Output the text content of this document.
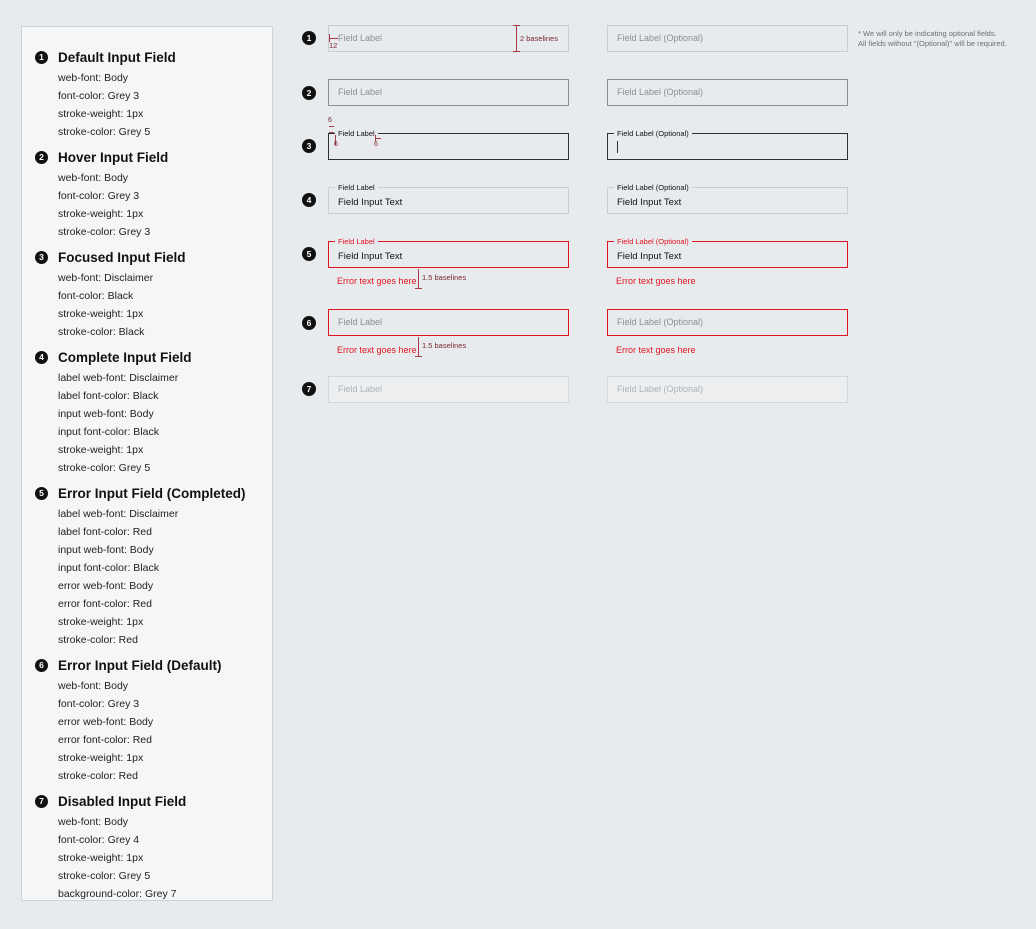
1	Default Input Field
web-font: Body
font-color: Grey 3
stroke-weight: 1px
stroke-color: Grey 5
2	Hover Input Field
web-font: Body
font-color: Grey 3
stroke-weight: 1px
stroke-color: Grey 3
3	Focused Input Field
web-font: Disclaimer
font-color: Black
stroke-weight: 1px
stroke-color: Black
4	Complete Input Field
label web-font: Disclaimer
label font-color: Black
input web-font: Body
input font-color: Black
stroke-weight: 1px
stroke-color: Grey 5
5	Error Input Field (Completed)
label web-font: Disclaimer
label font-color: Red
input web-font: Body
input font-color: Black
error web-font: Body
error font-color: Red
stroke-weight: 1px
stroke-color: Red
6	Error Input Field (Default)
web-font: Body
font-color: Grey 3
error web-font: Body
error font-color: Red
stroke-weight: 1px
stroke-color: Red
7	Disabled Input Field
web-font: Body
font-color: Grey 4
stroke-weight: 1px
stroke-color: Grey 5
background-color: Grey 7
1
2
3
4
5
6
7
Field Label	Field Label (Optional)
12
2 baselines
* We will only be indicating optional fields.
All fields without "(Optional)" will be required.
Field Label	Field Label (Optional)
Field Label	Field Label (Optional)
6
6	6
Field Label
Field Input Text
Field Label (Optional)
Field Input Text
Field Label
Field Input Text
Field Label (Optional)
Field Input Text
Error text goes here	Error text goes here
1.5 baselines
Field Label	Field Label (Optional)
Error text goes here	Error text goes here
1.5 baselines
Field Label	Field Label (Optional)
